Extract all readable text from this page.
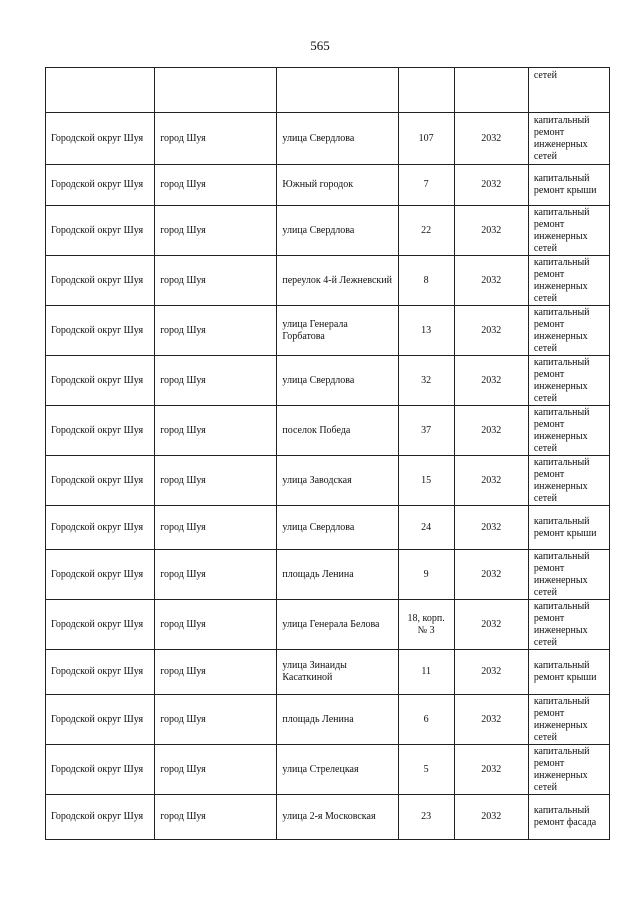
565
					сетей
Городской округ Шуя	город Шуя	улица Свердлова	107	2032	капитальный ремонт инженерных сетей
Городской округ Шуя	город Шуя	Южный городок	7	2032	капитальный ремонт крыши
Городской округ Шуя	город Шуя	улица Свердлова	22	2032	капитальный ремонт инженерных сетей
Городской округ Шуя	город Шуя	переулок 4-й Лежневский	8	2032	капитальный ремонт инженерных сетей
Городской округ Шуя	город Шуя	улица Генерала Горбатова	13	2032	капитальный ремонт инженерных сетей
Городской округ Шуя	город Шуя	улица Свердлова	32	2032	капитальный ремонт инженерных сетей
Городской округ Шуя	город Шуя	поселок Победа	37	2032	капитальный ремонт инженерных сетей
Городской округ Шуя	город Шуя	улица Заводская	15	2032	капитальный ремонт инженерных сетей
Городской округ Шуя	город Шуя	улица Свердлова	24	2032	капитальный ремонт крыши
Городской округ Шуя	город Шуя	площадь Ленина	9	2032	капитальный ремонт инженерных сетей
Городской округ Шуя	город Шуя	улица Генерала Белова	18, корп. № 3	2032	капитальный ремонт инженерных сетей
Городской округ Шуя	город Шуя	улица Зинаиды Касаткиной	11	2032	капитальный ремонт крыши
Городской округ Шуя	город Шуя	площадь Ленина	6	2032	капитальный ремонт инженерных сетей
Городской округ Шуя	город Шуя	улица Стрелецкая	5	2032	капитальный ремонт инженерных сетей
Городской округ Шуя	город Шуя	улица 2-я Московская	23	2032	капитальный ремонт фасада
